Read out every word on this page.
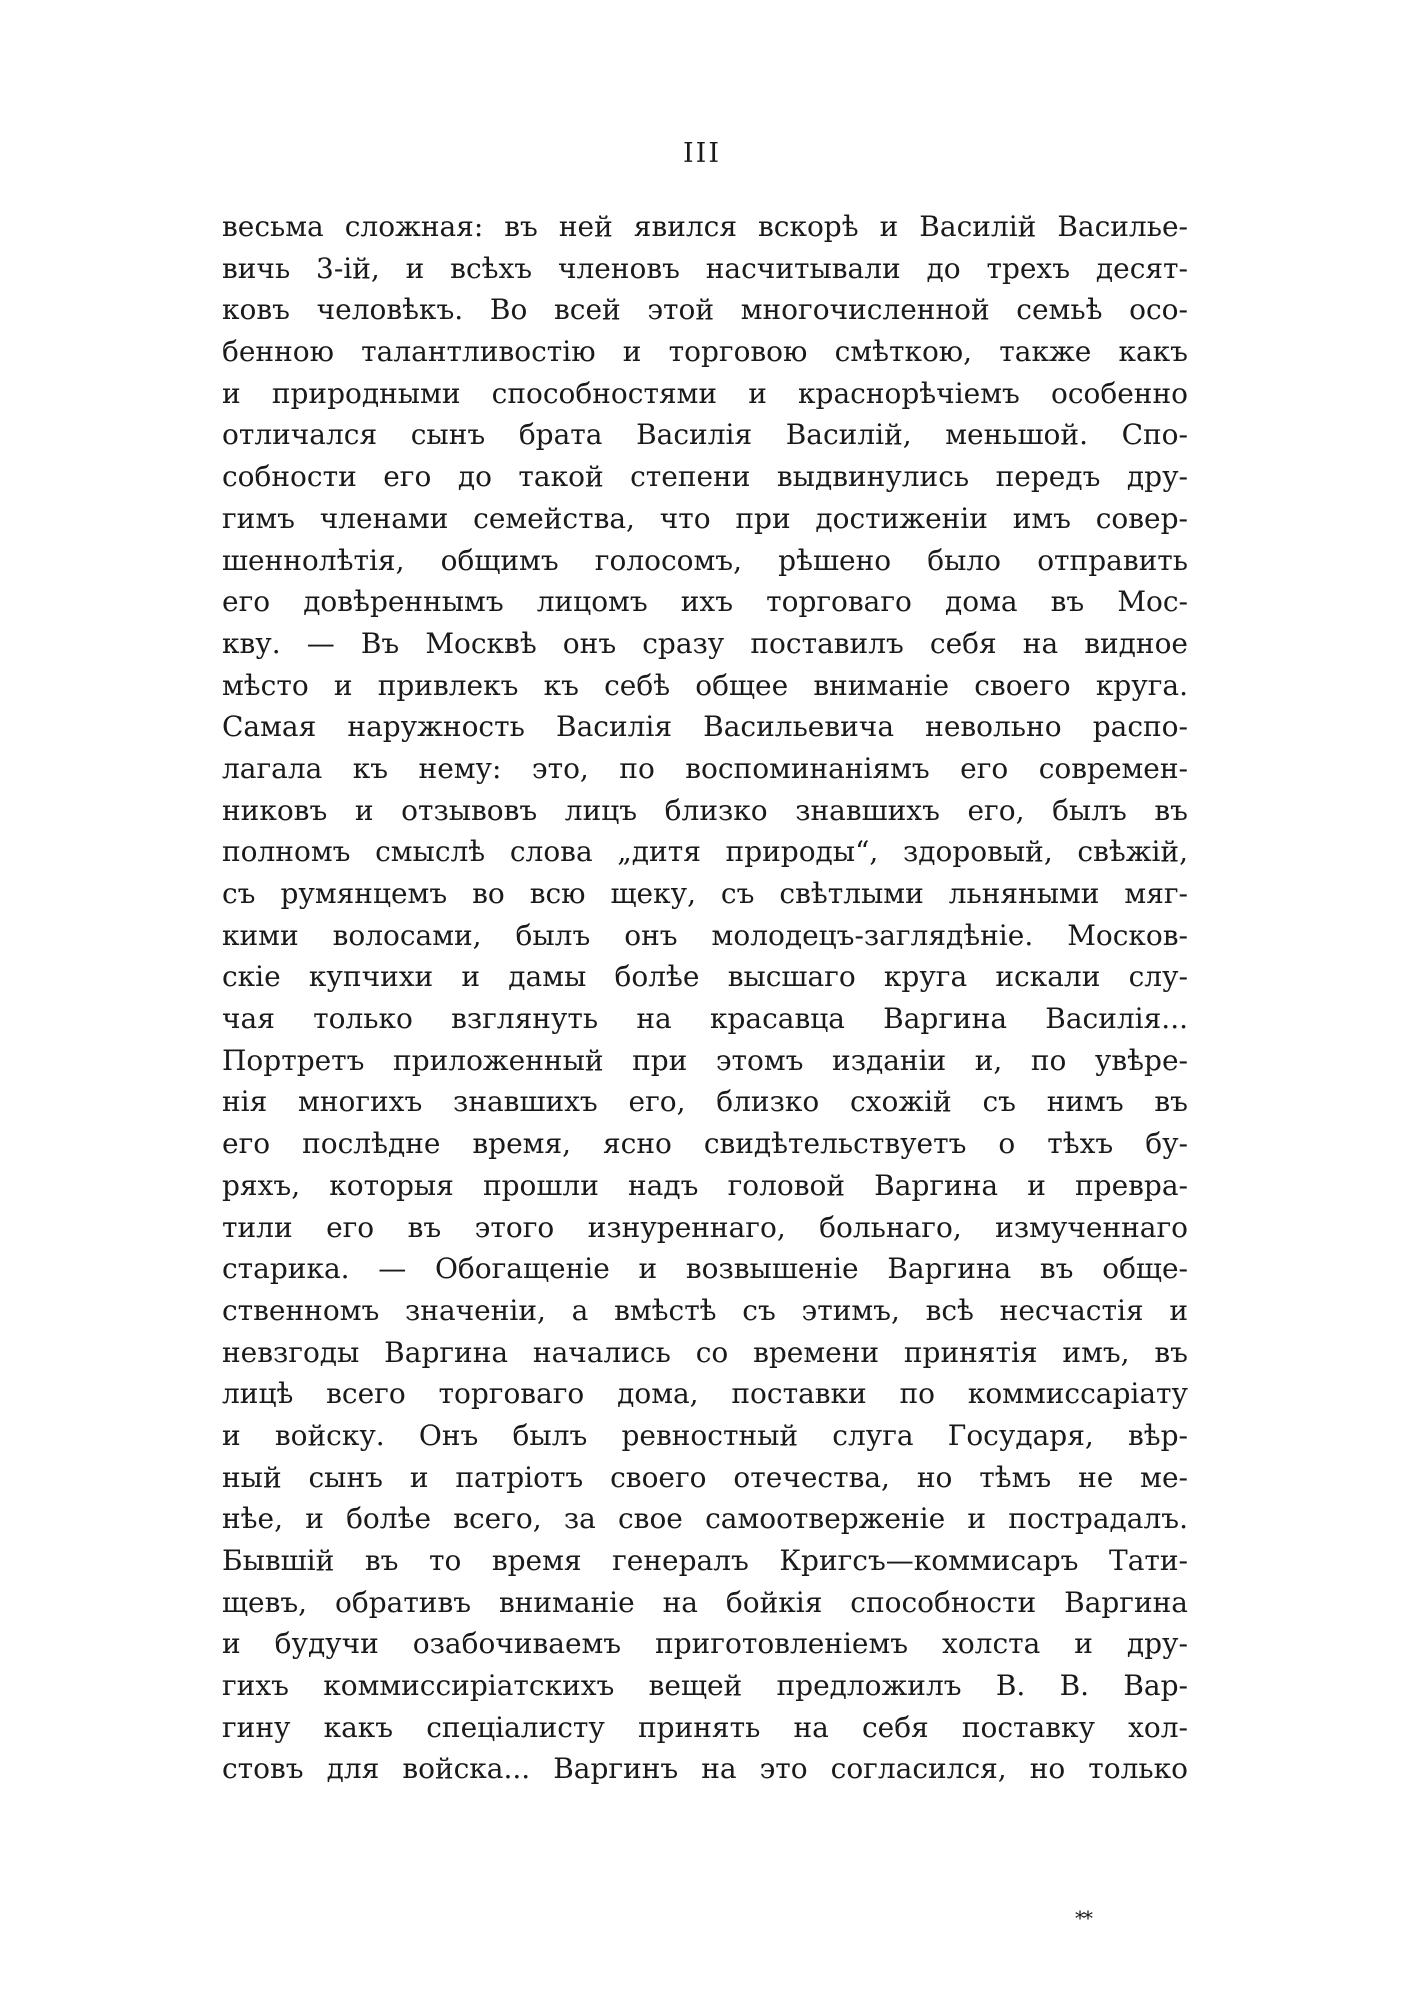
III
весьма сложная: въ ней явился вскорѣ и Василій Василье-
вичь 3-ій, и всѣхъ членовъ насчитывали до трехъ десят-
ковъ человѣкъ. Во всей этой многочисленной семьѣ осо-
бенною талантливостію и торговою смѣткою, также какъ
и природными способностями и краснорѣчіемъ особенно
отличался сынъ брата Василія Василій, меньшой. Спо-
собности его до такой степени выдвинулись передъ дру-
гимъ членами семейства, что при достиженіи имъ совер-
шеннолѣтія, общимъ голосомъ, рѣшено было отправить
его довѣреннымъ лицомъ ихъ торговаго дома въ Мос-
кву. — Въ Москвѣ онъ сразу поставилъ себя на видное
мѣсто и привлекъ къ себѣ общее вниманіе своего круга.
Самая наружность Василія Васильевича невольно распо-
лагала къ нему: это, по воспоминаніямъ его современ-
никовъ и отзывовъ лицъ близко знавшихъ его, былъ въ
полномъ смыслѣ слова „дитя природы“, здоровый, свѣжій,
съ румянцемъ во всю щеку, съ свѣтлыми льняными мяг-
кими волосами, былъ онъ молодецъ-заглядѣніе. Москов-
скіе купчихи и дамы болѣе высшаго круга искали слу-
чая только взглянуть на красавца Варгина Василія...
Портретъ приложенный при этомъ изданіи и, по увѣре-
нія многихъ знавшихъ его, близко схожій съ нимъ въ
его послѣдне время, ясно свидѣтельствуетъ о тѣхъ бу-
ряхъ, которыя прошли надъ головой Варгина и превра-
тили его въ этого изнуреннаго, больнаго, измученнаго
старика. — Обогащеніе и возвышеніе Варгина въ обще-
ственномъ значеніи, а вмѣстѣ съ этимъ, всѣ несчастія и
невзгоды Варгина начались со времени принятія имъ, въ
лицѣ всего торговаго дома, поставки по коммиссаріату
и войску. Онъ былъ ревностный слуга Государя, вѣр-
ный сынъ и патріотъ своего отечества, но тѣмъ не ме-
нѣе, и болѣе всего, за свое самоотверженіе и пострадалъ.
Бывшій въ то время генералъ Кригсъ—коммисаръ Тати-
щевъ, обративъ вниманіе на бойкія способности Варгина
и будучи озабочиваемъ приготовленіемъ холста и дру-
гихъ коммиссиріатскихъ вещей предложилъ В. В. Вар-
гину какъ спеціалисту принять на себя поставку хол-
стовъ для войска... Варгинъ на это согласился, но только
**
